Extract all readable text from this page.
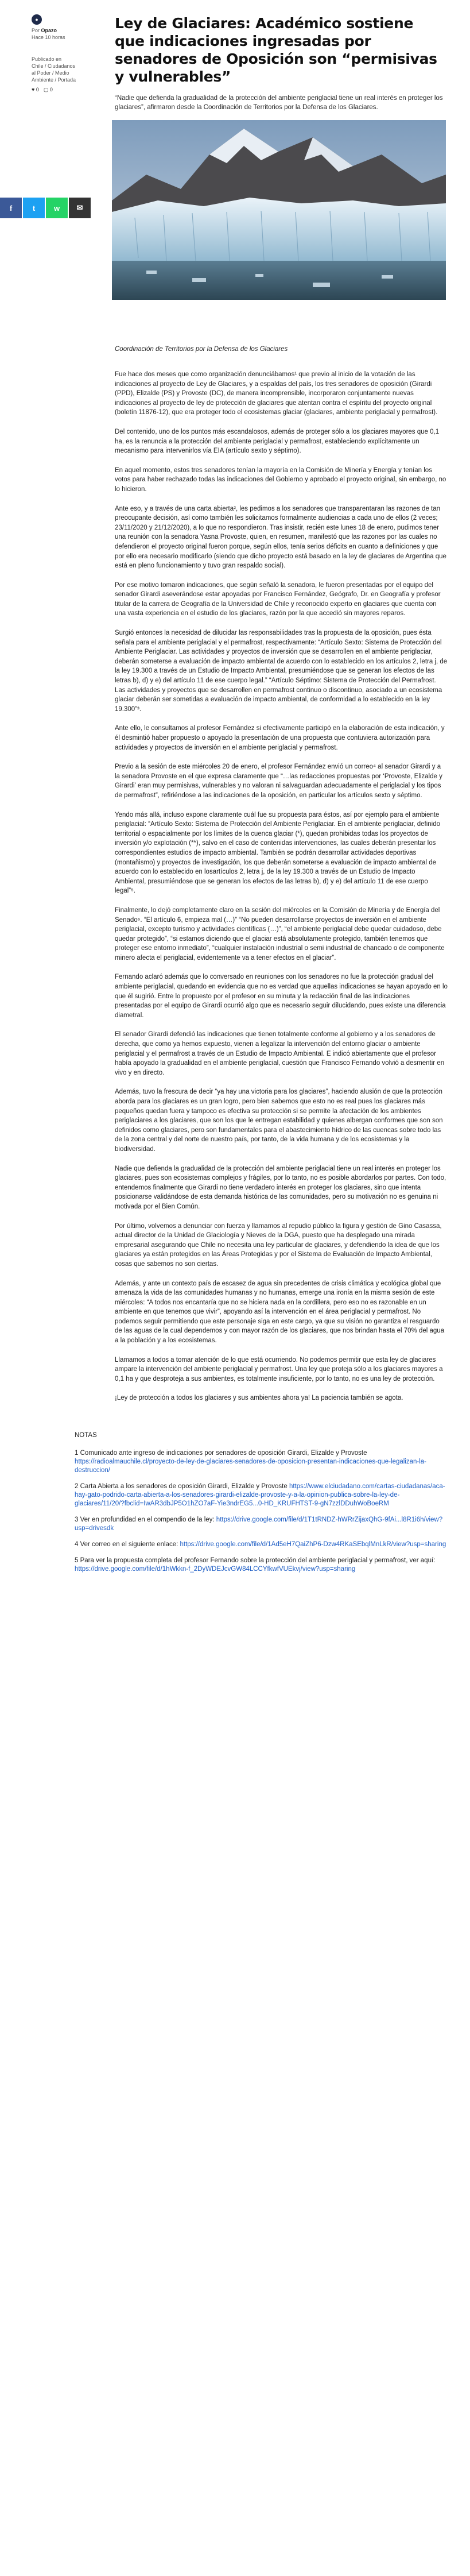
●
Por Opazo
Hace 10 horas
Publicado en
Chile / Ciudadanos al Poder / Medio Ambiente / Portada
♥ 0 ▢ 0
f	t	w ✉
Ley de Glaciares: Académico sostiene que indicaciones ingresadas por senadores de Oposición son “permisivas y vulnerables”

“Nadie que defienda la gradualidad de la protección del ambiente periglacial tiene un real interés en proteger los glaciares”, afirmaron desde la Coordinación de Territorios por la Defensa de los Glaciares.

Coordinación de Territorios por la Defensa de los Glaciares

Fue hace dos meses que como organización denunciábamos¹ que previo al inicio de la votación de las indicaciones al proyecto de Ley de Glaciares, y a espaldas del país, los tres senadores de oposición (Girardi (PPD), Elizalde (PS) y Provoste (DC), de manera incomprensible, incorporaron conjuntamente nuevas indicaciones al proyecto de ley de protección de glaciares que atentan contra el espíritu del proyecto original (boletín 11876-12), que era proteger todo el ecosistemas glaciar (glaciares, ambiente periglacial y permafrost).

Del contenido, uno de los puntos más escandalosos, además de proteger sólo a los glaciares mayores que 0,1 ha, es la renuncia a la protección del ambiente periglacial y permafrost, estableciendo explícitamente un mecanismo para intervenirlos vía EIA (artículo sexto y séptimo).

En aquel momento, estos tres senadores tenían la mayoría en la Comisión de Minería y Energía y tenían los votos para haber rechazado todas las indicaciones del Gobierno y aprobado el proyecto original, sin embargo, no lo hicieron.

Ante eso, y a través de una carta abierta², les pedimos a los senadores que transparentaran las razones de tan preocupante decisión, así como también les solicitamos formalmente audiencias a cada uno de ellos (2 veces; 23/11/2020 y 21/12/2020), a lo que no respondieron. Tras insistir, recién este lunes 18 de enero, pudimos tener una reunión con la senadora Yasna Provoste, quien, en resumen, manifestó que las razones por las cuales no defendieron el proyecto original fueron porque, según ellos, tenía serios déficits en cuanto a definiciones y que por ello era necesario modificarlo (siendo que dicho proyecto está basado en la ley de glaciares de Argentina que está en pleno funcionamiento y tuvo gran respaldo social).

Por ese motivo tomaron indicaciones, que según señaló la senadora, le fueron presentadas por el equipo del senador Girardi aseverándose estar apoyadas por Francisco Fernández, Geógrafo, Dr. en Geografía y profesor titular de la carrera de Geografía de la Universidad de Chile y reconocido experto en glaciares que cuenta con una vasta experiencia en el estudio de los glaciares, razón por la que accedió sin mayores reparos.

Surgió entonces la necesidad de dilucidar las responsabilidades tras la propuesta de la oposición, pues ésta señala para el ambiente periglacial y el permafrost, respectivamente: “Artículo Sexto: Sistema de Protección del Ambiente Periglaciar. Las actividades y proyectos de inversión que se desarrollen en el ambiente periglaciar, deberán someterse a evaluación de impacto ambiental de acuerdo con lo establecido en los artículos 2, letra j, de la ley 19.300 a través de un Estudio de Impacto Ambiental, presumiéndose que se generan los efectos de las letras b), d) y e) del artículo 11 de ese cuerpo legal.” “Artículo Séptimo: Sistema de Protección del Permafrost. Las actividades y proyectos que se desarrollen en permafrost continuo o discontinuo, asociado a un ecosistema glaciar deberán ser sometidas a evaluación de impacto ambiental, de conformidad a lo establecido en la ley 19.300”³.

Ante ello, le consultamos al profesor Fernández si efectivamente participó en la elaboración de esta indicación, y él desmintió haber propuesto o apoyado la presentación de una propuesta que contuviera autorización para actividades y proyectos de inversión en el ambiente periglacial y permafrost.

Previo a la sesión de este miércoles 20 de enero, el profesor Fernández envió un correo⁴ al senador Girardi y a la senadora Provoste en el que expresa claramente que “…las redacciones propuestas por ‘Provoste, Elizalde y Girardi’ eran muy permisivas, vulnerables y no valoran ni salvaguardan adecuadamente el periglacial y los tipos de permafrost”, refiriéndose a las indicaciones de la oposición, en particular los artículos sexto y séptimo.

Yendo más allá, incluso expone claramente cuál fue su propuesta para éstos, así por ejemplo para el ambiente periglacial: “Artículo Sexto: Sistema de Protección del Ambiente Periglaciar. En el ambiente periglaciar, definido territorial o espacialmente por los límites de la cuenca glaciar (*), quedan prohibidas todas los proyectos de inversión y/o explotación (**), salvo en el caso de contenidas intervenciones, las cuales deberán presentar los correspondientes estudios de impacto ambiental. También se podrán desarrollar actividades deportivas (montañismo) y proyectos de investigación, los que deberán someterse a evaluación de impacto ambiental de acuerdo con lo establecido en losartículos 2, letra j, de la ley 19.300 a través de un Estudio de Impacto Ambiental, presumiéndose que se generan los efectos de las letras b), d) y e) del artículo 11 de ese cuerpo legal”⁵.

Finalmente, lo dejó completamente claro en la sesión del miércoles en la Comisión de Minería y de Energía del Senado⁶. “El artículo 6, empieza mal (…)” “No pueden desarrollarse proyectos de inversión en el ambiente periglacial, excepto turismo y actividades científicas (…)”, “el ambiente periglacial debe quedar cuidadoso, debe quedar protegido”, “si estamos diciendo que el glaciar está absolutamente protegido, también tenemos que proteger ese entorno inmediato”, “cualquier instalación industrial o semi industrial de chancado o de componente minero afecta el periglacial, evidentemente va a tener efectos en el glaciar”.

Fernando aclaró además que lo conversado en reuniones con los senadores no fue la protección gradual del ambiente periglacial, quedando en evidencia que no es verdad que aquellas indicaciones se hayan apoyado en lo que él sugirió. Entre lo propuesto por el profesor en su minuta y la redacción final de las indicaciones presentadas por el equipo de Girardi ocurrió algo que es necesario seguir dilucidando, pues existe una diferencia diametral.

El senador Girardi defendió las indicaciones que tienen totalmente conforme al gobierno y a los senadores de derecha, que como ya hemos expuesto, vienen a legalizar la intervención del entorno glaciar o ambiente periglacial y el permafrost a través de un Estudio de Impacto Ambiental. E indicó abiertamente que el profesor había apoyado la gradualidad en el ambiente periglacial, cuestión que Francisco Fernando volvió a desmentir en vivo y en directo.

Además, tuvo la frescura de decir “ya hay una victoria para los glaciares”, haciendo alusión de que la protección aborda para los glaciares es un gran logro, pero bien sabemos que esto no es real pues los glaciares más pequeños quedan fuera y tampoco es efectiva su protección si se permite la afectación de los ambientes periglaciares a los glaciares, que son los que le entregan estabilidad y quienes albergan conformes que son son definidos como glaciares, pero son fundamentales para el abastecimiento hídrico de las cuencas sobre todo las de la zona central y del norte de nuestro país, por tanto, de la vida humana y de los ecosistemas y la biodiversidad.

Nadie que defienda la gradualidad de la protección del ambiente periglacial tiene un real interés en proteger los glaciares, pues son ecosistemas complejos y frágiles, por lo tanto, no es posible abordarlos por partes. Con todo, entendemos finalmente que Girardi no tiene verdadero interés en proteger los glaciares, sino que intenta posicionarse validándose de esta demanda histórica de las comunidades, pero su motivación no es genuina ni motivada por el Bien Común.

Por último, volvemos a denunciar con fuerza y llamamos al repudio público la figura y gestión de Gino Casassa, actual director de la Unidad de Glaciología y Nieves de la DGA, puesto que ha desplegado una mirada empresarial asegurando que Chile no necesita una ley particular de glaciares, y defendiendo la idea de que los glaciares ya están protegidos en las Áreas Protegidas y por el Sistema de Evaluación de Impacto Ambiental, cosas que sabemos no son ciertas.

Además, y ante un contexto país de escasez de agua sin precedentes de crisis climática y ecológica global que amenaza la vida de las comunidades humanas y no humanas, emerge una ironía en la misma sesión de este miércoles: “A todos nos encantaría que no se hiciera nada en la cordillera, pero eso no es razonable en un ambiente en que tenemos que vivir”, apoyando así la intervención en el área periglacial y permafrost. No podemos seguir permitiendo que este personaje siga en este cargo, ya que su visión no garantiza el resguardo de las aguas de la cual dependemos y con mayor razón de los glaciares, que nos brindan hasta el 70% del agua a la población y a los ecosistemas.

Llamamos a todos a tomar atención de lo que está ocurriendo. No podemos permitir que esta ley de glaciares ampare la intervención del ambiente periglacial y permafrost. Una ley que proteja sólo a los glaciares mayores a 0,1 ha y que desproteja a sus ambientes, es totalmente insuficiente, por lo tanto, no es una ley de protección.

¡Ley de protección a todos los glaciares y sus ambientes ahora ya! La paciencia también se agota.

NOTAS
1 Comunicado ante ingreso de indicaciones por senadores de oposición Girardi, Elizalde y Provoste https://radioalmauchile.cl/proyecto-de-ley-de-glaciares-senadores-de-oposicion-presentan-indicaciones-que-legalizan-la-destruccion/
2 Carta Abierta a los senadores de oposición Girardi, Elizalde y Provoste https://www.elciudadano.com/cartas-ciudadanas/aca-hay-gato-podrido-carta-abierta-a-los-senadores-girardi-elizalde-provoste-y-a-la-opinion-publica-sobre-la-ley-de-glaciares/11/20/?fbclid=IwAR3dbJP5O1hZO7aF-Yie3ndrEG5...0-HD_KRUFHTST-9-gN7zzlDDuhWoBoeRM
3 Ver en profundidad en el compendio de la ley: https://drive.google.com/file/d/1T1tRNDZ-hWRrZijaxQhG-9fAi...l8R1i6h/view?usp=drivesdk
4 Ver correo en el siguiente enlace: https://drive.google.com/file/d/1Ad5eH7QaiZhP6-Dzw4RKaSEbqlMnLkR/view?usp=sharing
5 Para ver la propuesta completa del profesor Fernando sobre la protección del ambiente periglacial y permafrost, ver aquí: https://drive.google.com/file/d/1hWkkn-f_2DyWDEJcvGW84LCCYfkwfVUEkvj/view?usp=sharing
